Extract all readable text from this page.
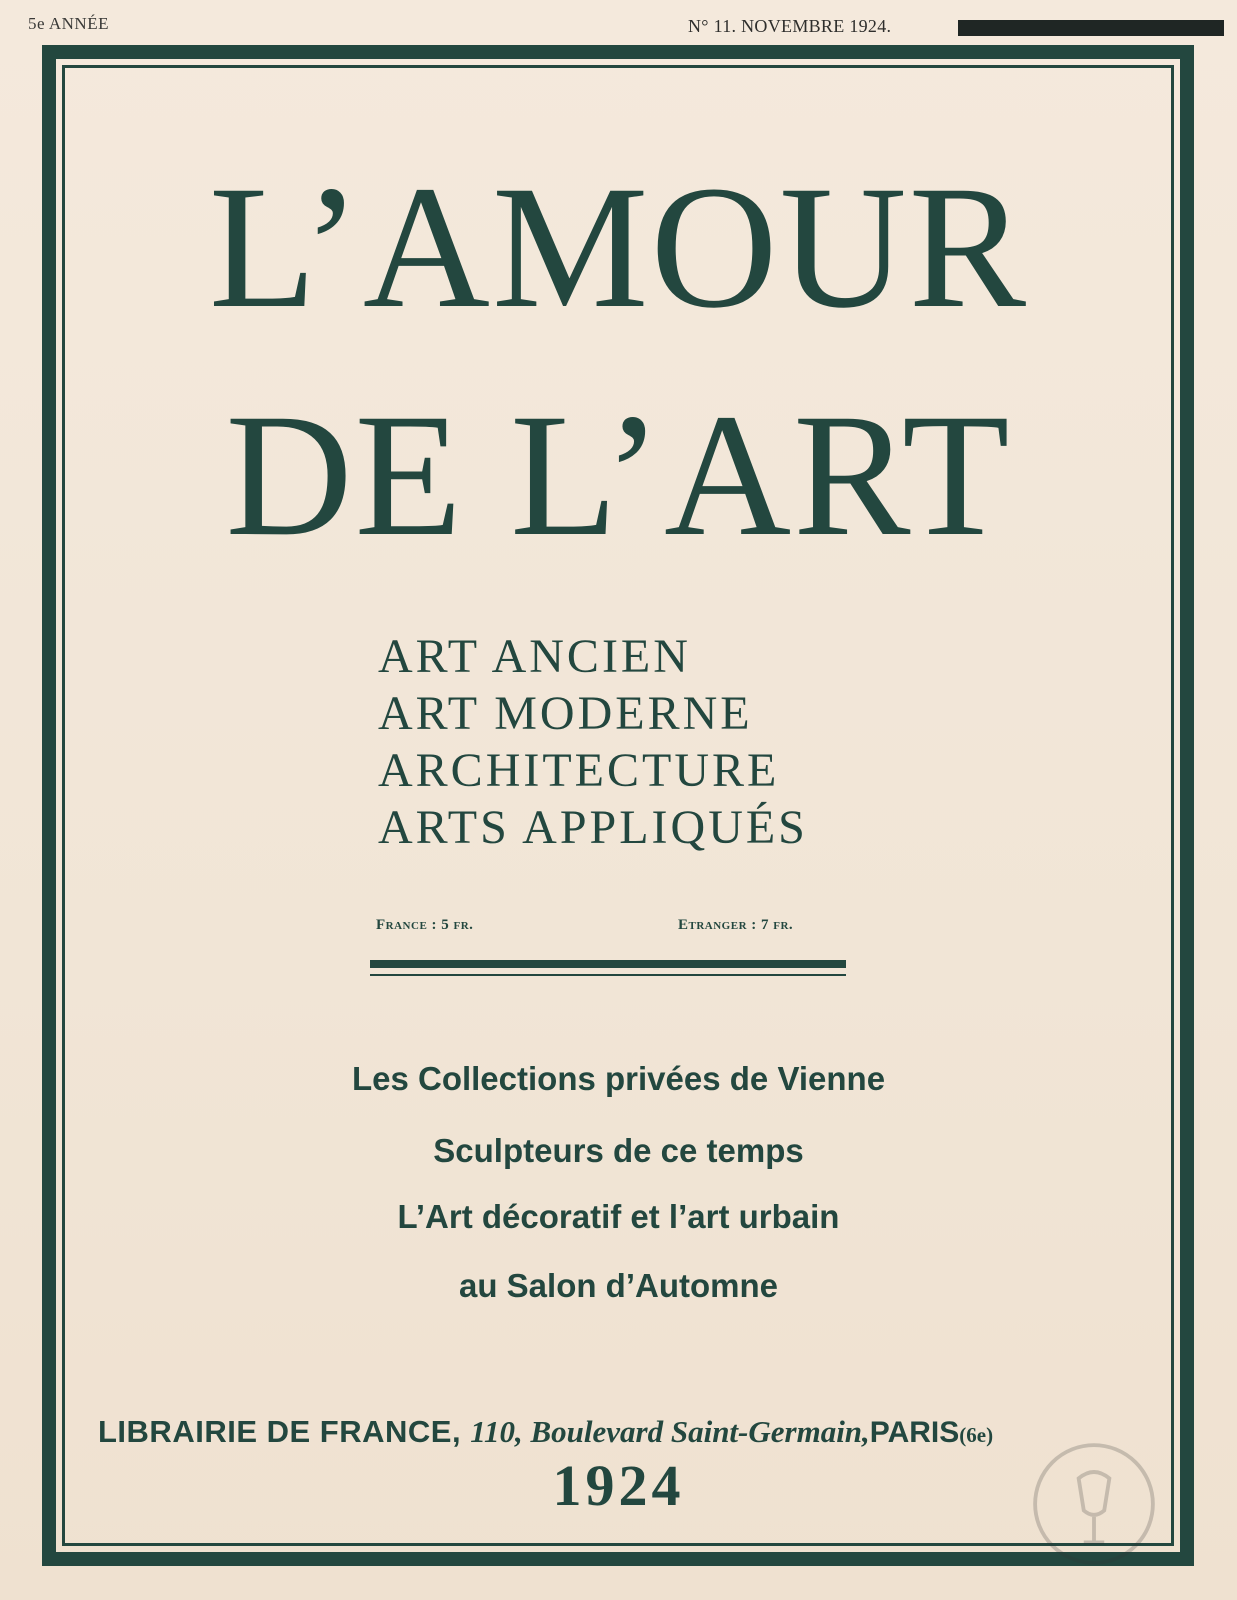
5e ANNÉE	N° 11. NOVEMBRE 1924.
L’AMOUR
DE L’ART
ART ANCIEN
ART MODERNE
ARCHITECTURE
ARTS APPLIQUÉS
France : 5 fr.	Etranger : 7 fr.
Les Collections privées de Vienne
Sculpteurs de ce temps
L’Art décoratif et l’art urbain
au Salon d’Automne
LIBRAIRIE DE FRANCE, 110, Boulevard Saint-Germain,PARIS(6e)
1924
